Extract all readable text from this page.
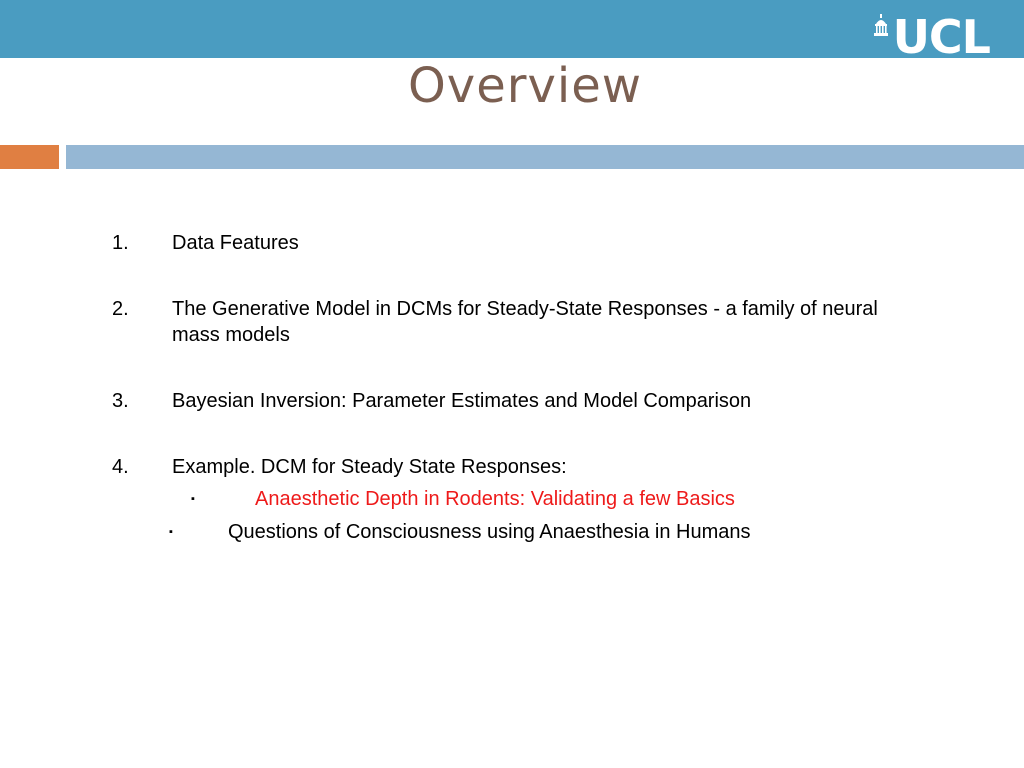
UCL
Overview
1. Data Features
2. The Generative Model in DCMs for Steady-State Responses - a family of neural mass models
3. Bayesian Inversion: Parameter Estimates and Model Comparison
4. Example. DCM for Steady State Responses:
▪	Anaesthetic Depth in Rodents: Validating a few Basics
▪	Questions of Consciousness using Anaesthesia in Humans
